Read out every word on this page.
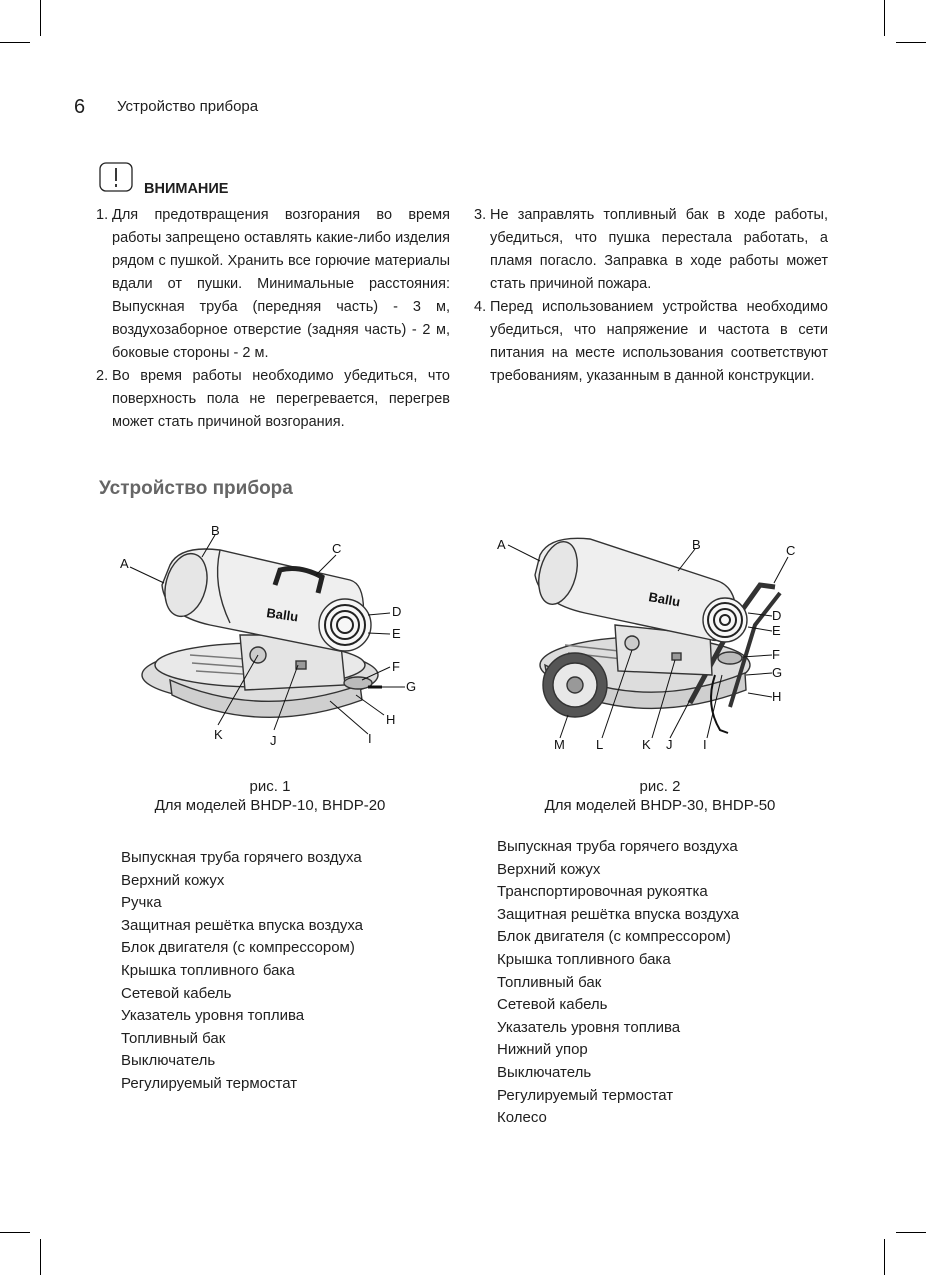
6 Устройство прибора
ВНИМАНИЕ
1. Для предотвращения возгорания во время работы запрещено оставлять какие-либо изделия рядом с пушкой. Хранить все горючие материалы вдали от пушки. Минимальные расстояния: Выпускная труба (передняя часть) - 3 м, воздухозаборное отверстие (задняя часть) - 2 м, боковые стороны - 2 м.
2. Во время работы необходимо убедиться, что поверхность пола не перегревается, перегрев может стать причиной возгорания.
3. Не заправлять топливный бак в ходе работы, убедиться, что пушка перестала работать, а пламя погасло. Заправка в ходе работы может стать причиной пожара.
4. Перед использованием устройства необходимо убедиться, что напряжение и частота в сети питания на месте использования соответствуют требованиям, указанным в данной конструкции.
Устройство прибора
Ballu
A
B
C
D
E
F
G
H
I
J
K
рис. 1
Для моделей BHDP-10, BHDP-20
Выпускная труба горячего воздуха
Верхний кожух
Ручка
Защитная решётка впуска воздуха
Блок двигателя (с компрессором)
Крышка топливного бака
Сетевой кабель
Указатель уровня топлива
Топливный бак
Выключатель
Регулируемый термостат
Ballu
A	B	C
D
E
F
G
H
I
J
K
L
M
рис. 2
Для моделей BHDP-30, BHDP-50
Выпускная труба горячего воздуха
Верхний кожух
Транспортировочная рукоятка
Защитная решётка впуска воздуха
Блок двигателя (с компрессором)
Крышка топливного бака
Топливный бак
Сетевой кабель
Указатель уровня топлива
Нижний упор
Выключатель
Регулируемый термостат
Колесо
